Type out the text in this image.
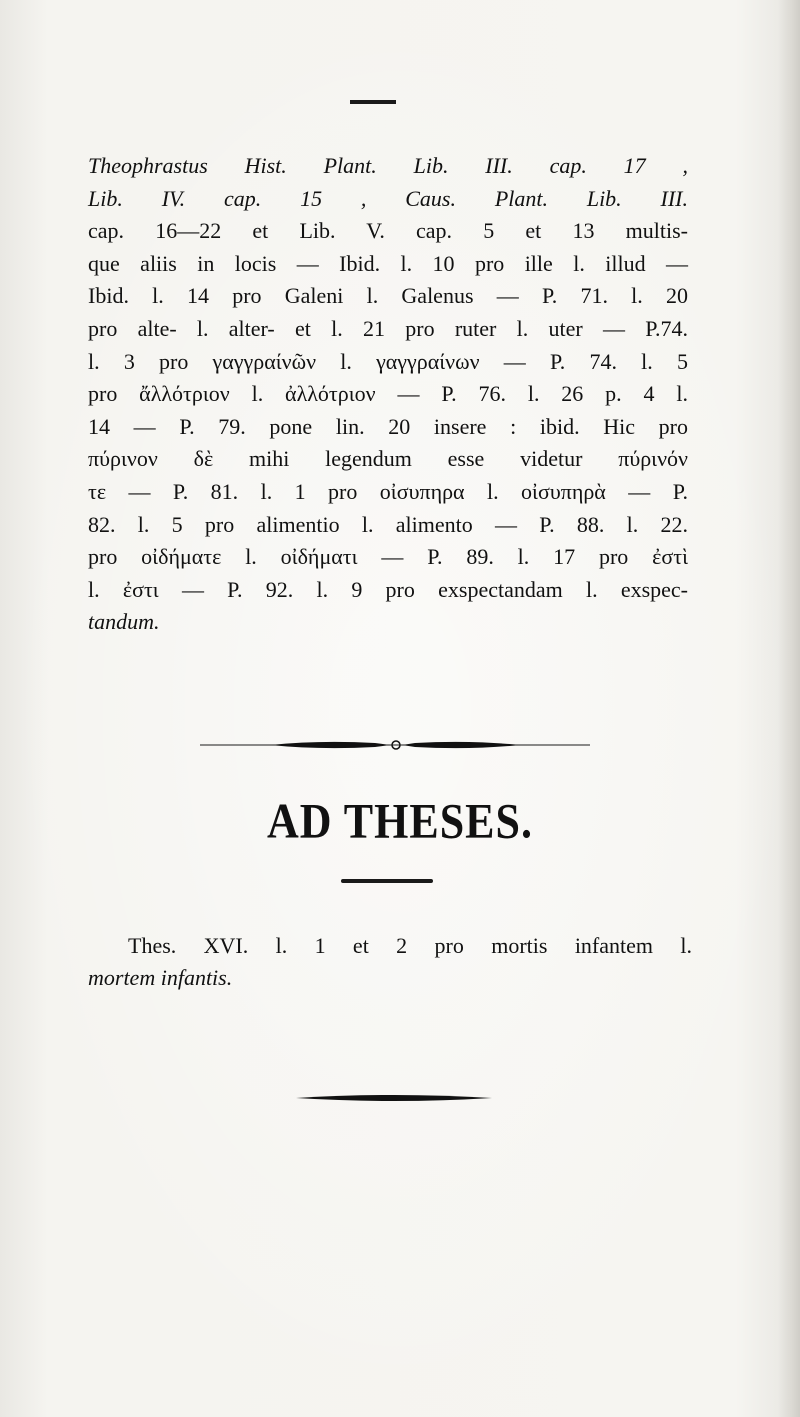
Theophrastus Hist. Plant. Lib. III. cap. 17 ,
Lib. IV. cap. 15 , Caus. Plant. Lib. III.
cap. 16—22 et Lib. V. cap. 5 et 13 multis-
que aliis in locis — Ibid. l. 10 pro ille l. illud —
Ibid. l. 14 pro Galeni l. Galenus — P. 71. l. 20
pro alte- l. alter- et l. 21 pro ruter l. uter — P.74.
l. 3 pro γαγγραίνῶν l. γαγγραίνων — P. 74. l. 5
pro ἄλλότριον l. ἀλλότριον — P. 76. l. 26 p. 4 l.
14 — P. 79. pone lin. 20 insere : ibid. Hic pro
πύρινον δὲ mihi legendum esse videtur πύρινόν
τε — P. 81. l. 1 pro οἰσυπηρα l. οἰσυπηρὰ — P.
82. l. 5 pro alimentio l. alimento — P. 88. l. 22.
pro οἰδήματε l. οἰδήματι — P. 89. l. 17 pro ἐστὶ
l. ἐστι — P. 92. l. 9 pro exspectandam l. exspec-
tandum.
AD THESES.
Thes. XVI. l. 1 et 2 pro mortis infantem l.
mortem infantis.
